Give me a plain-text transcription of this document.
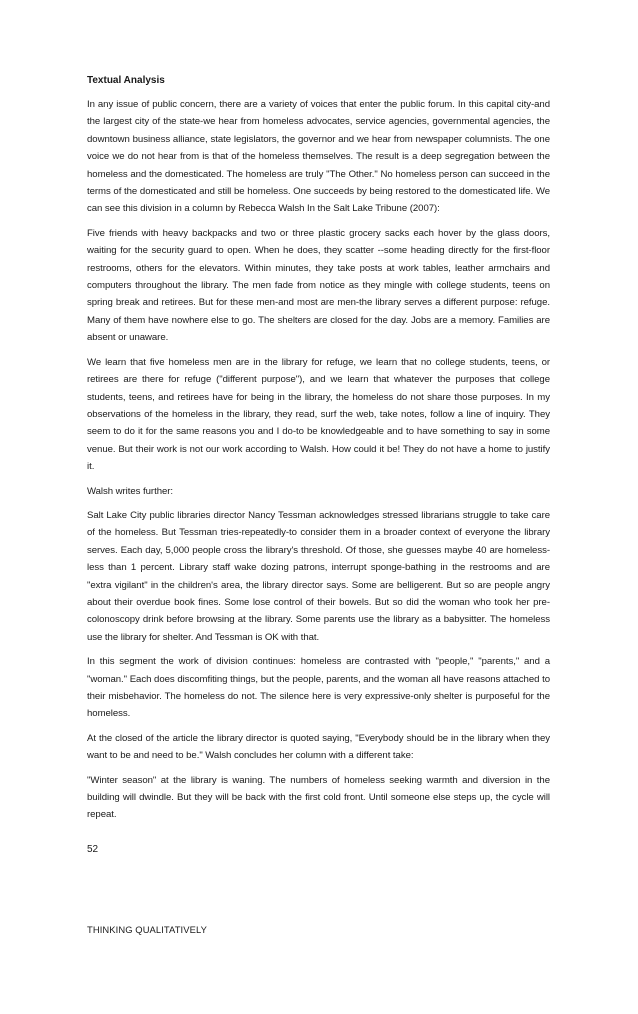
Textual Analysis

In any issue of public concern, there are a variety of voices that enter the public forum. In this capital city-and the largest city of the state-we hear from homeless advocates, service agencies, governmental agencies, the downtown business alliance, state legislators, the governor and we hear from newspaper columnists. The one voice we do not hear from is that of the homeless themselves. The result is a deep segregation between the homeless and the domesticated. The homeless are truly "The Other." No homeless person can succeed in the terms of the domesticated and still be homeless. One succeeds by being restored to the domesticated life. We can see this division in a column by Rebecca Walsh In the Salt Lake Tribune (2007):

Five friends with heavy backpacks and two or three plastic grocery sacks each hover by the glass doors, waiting for the security guard to open. When he does, they scatter --some heading directly for the first-floor restrooms, others for the elevators. Within minutes, they take posts at work tables, leather armchairs and computers throughout the library. The men fade from notice as they mingle with college students, teens on spring break and retirees. But for these men-and most are men-the library serves a different purpose: refuge. Many of them have nowhere else to go. The shelters are closed for the day. Jobs are a memory. Families are absent or unaware.

We learn that five homeless men are in the library for refuge, we learn that no college students, teens, or retirees are there for refuge ("different purpose"), and we learn that whatever the purposes that college students, teens, and retirees have for being in the library, the homeless do not share those purposes. In my observations of the homeless in the library, they read, surf the web, take notes, follow a line of inquiry. They seem to do it for the same reasons you and I do-to be knowledgeable and to have something to say in some venue. But their work is not our work according to Walsh. How could it be! They do not have a home to justify it.

Walsh writes further:

Salt Lake City public libraries director Nancy Tessman acknowledges stressed librarians struggle to take care of the homeless. But Tessman tries-repeatedly-to consider them in a broader context of everyone the library serves. Each day, 5,000 people cross the library's threshold. Of those, she guesses maybe 40 are homeless-less than 1 percent. Library staff wake dozing patrons, interrupt sponge-bathing in the restrooms and are "extra vigilant" in the children's area, the library director says. Some are belligerent. But so are people angry about their overdue book fines. Some lose control of their bowels. But so did the woman who took her pre-colonoscopy drink before browsing at the library. Some parents use the library as a babysitter. The homeless use the library for shelter. And Tessman is OK with that.

In this segment the work of division continues: homeless are contrasted with "people," "parents," and a "woman." Each does discomfiting things, but the people, parents, and the woman all have reasons attached to their misbehavior. The homeless do not. The silence here is very expressive-only shelter is purposeful for the homeless.

At the closed of the article the library director is quoted saying, "Everybody should be in the library when they want to be and need to be." Walsh concludes her column with a different take:

"Winter season" at the library is waning. The numbers of homeless seeking warmth and diversion in the building will dwindle. But they will be back with the first cold front. Until someone else steps up, the cycle will repeat.

52
THINKING QUALITATIVELY
